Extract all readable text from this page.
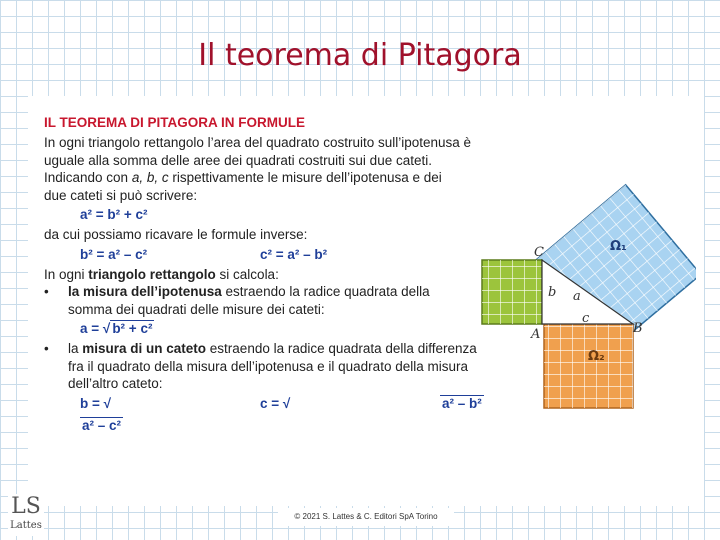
Il teorema di Pitagora
IL TEOREMA DI PITAGORA IN FORMULE
In ogni triangolo rettangolo l’area del quadrato costruito sull’ipotenusa è
uguale alla somma delle aree dei quadrati costruiti sui due cateti.
Indicando con a, b, c rispettivamente le misure dell’ipotenusa e dei
due cateti si può scrivere:
a² = b² + c²
da cui possiamo ricavare le formule inverse:
b² = a² – c²	c² = a² – b²
In ogni triangolo rettangolo si calcola:
•	la misura dell’ipotenusa estraendo la radice quadrata della
somma dei quadrati delle misure dei cateti:
a = √ b² + c²
•	la misura di un cateto estraendo la radice quadrata della differenza
fra il quadrato della misura dell’ipotenusa e il quadrato della misura
dell’altro cateto:
b = √a² – c²
c = √	a² – b²
C
A	B
a
b
c
Ω₁
Ω₂
LS
Lattes
© 2021 S. Lattes & C. Editori SpA Torino
